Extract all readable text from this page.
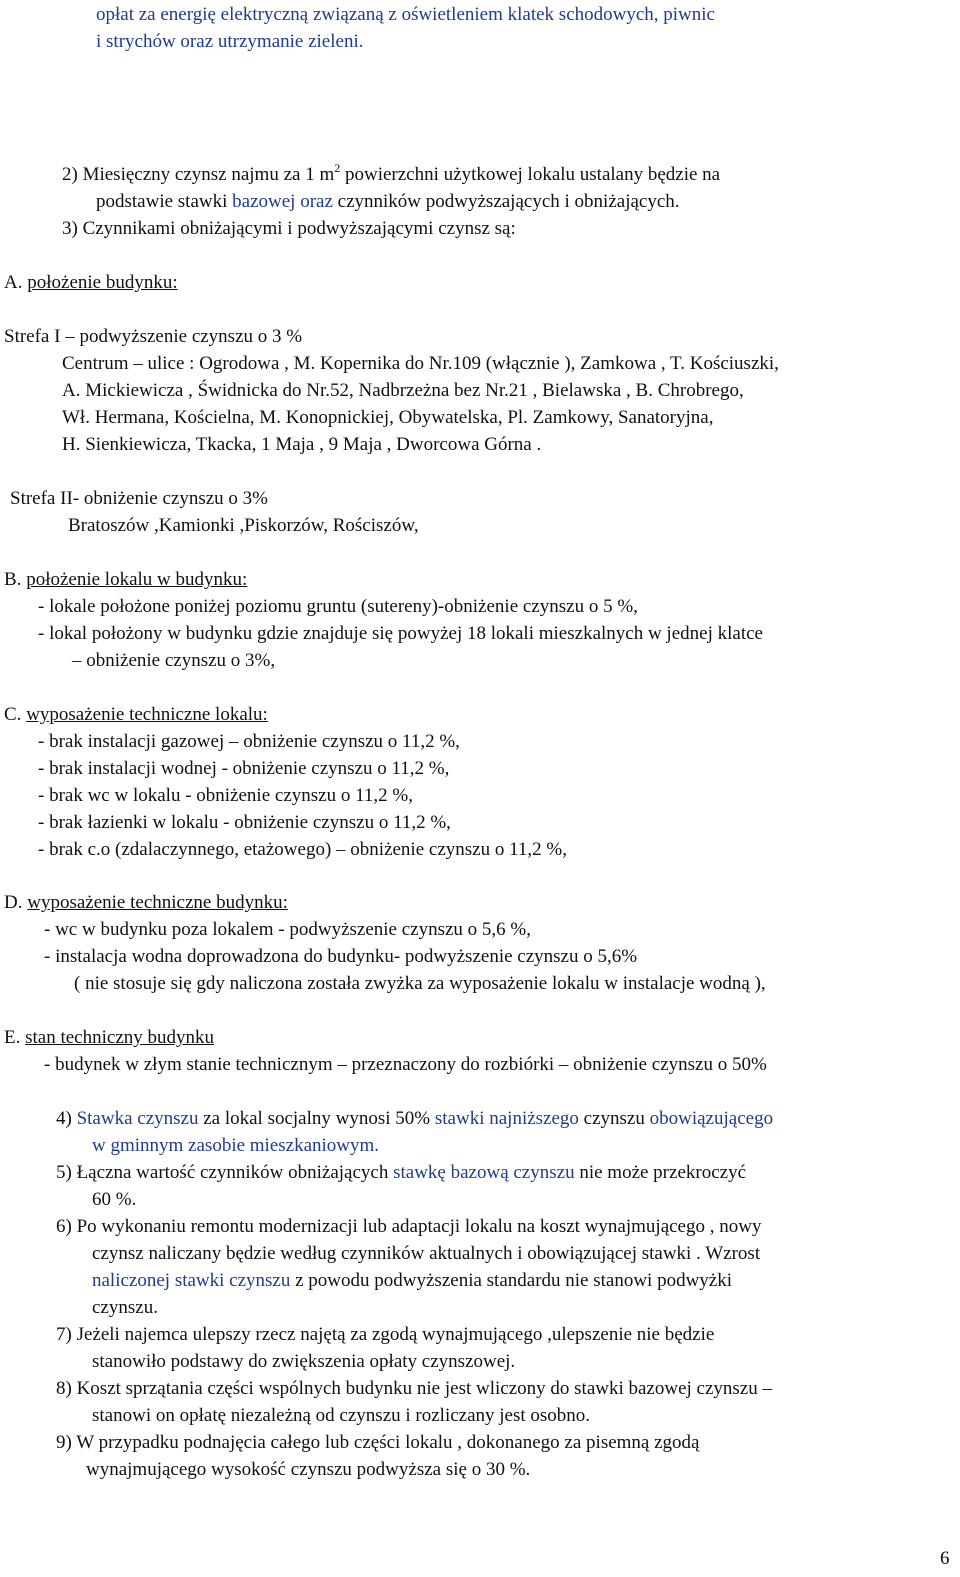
opłat za energię elektryczną związaną z oświetleniem klatek schodowych, piwnic
i strychów oraz utrzymanie zieleni.
2) Miesięczny czynsz najmu za 1 $m^2$ powierzchni użytkowej lokalu ustalany będzie na
podstawie stawki bazowej oraz czynników podwyższających i obniżających.
3) Czynnikami obniżającymi i podwyższającymi czynsz są:
A. położenie budynku:
Strefa I – podwyższenie czynszu o 3 %
Centrum – ulice : Ogrodowa , M. Kopernika do Nr.109 (włącznie ), Zamkowa , T. Kościuszki,
A. Mickiewicza , Świdnicka do Nr.52, Nadbrzeżna bez Nr.21 , Bielawska , B. Chrobrego,
Wł. Hermana, Kościelna, M. Konopnickiej, Obywatelska, Pl. Zamkowy, Sanatoryjna,
H. Sienkiewicza, Tkacka, 1 Maja , 9 Maja , Dworcowa Górna .
Strefa II- obniżenie czynszu o 3%
Bratoszów ,Kamionki ,Piskorzów, Rościszów,
B. położenie lokalu w budynku:
- lokale położone poniżej poziomu gruntu (sutereny)-obniżenie czynszu o 5 %,
- lokal położony w budynku gdzie znajduje się powyżej 18 lokali mieszkalnych w jednej klatce
– obniżenie czynszu o 3%,
C. wyposażenie techniczne lokalu:
- brak instalacji gazowej – obniżenie czynszu o 11,2 %,
- brak instalacji wodnej - obniżenie czynszu o 11,2 %,
- brak wc w lokalu - obniżenie czynszu o 11,2 %,
- brak łazienki w lokalu - obniżenie czynszu o 11,2 %,
- brak c.o (zdalaczynnego, etażowego) – obniżenie czynszu o 11,2 %,
D. wyposażenie techniczne budynku:
- wc w budynku poza lokalem - podwyższenie czynszu o 5,6 %,
- instalacja wodna doprowadzona do budynku- podwyższenie czynszu o 5,6%
( nie stosuje się gdy naliczona została zwyżka za wyposażenie lokalu w instalacje wodną ),
E. stan techniczny budynku
- budynek w złym stanie technicznym – przeznaczony do rozbiórki – obniżenie czynszu o 50%
4) Stawka czynszu za lokal socjalny wynosi 50% stawki najniższego czynszu obowiązującego
w gminnym zasobie mieszkaniowym.
5) Łączna wartość czynników obniżających stawkę bazową czynszu nie może przekroczyć
60 %.
6) Po wykonaniu remontu modernizacji lub adaptacji lokalu na koszt wynajmującego , nowy
czynsz naliczany będzie według czynników aktualnych i obowiązującej stawki . Wzrost
naliczonej stawki czynszu z powodu podwyższenia standardu nie stanowi podwyżki
czynszu.
7) Jeżeli najemca ulepszy rzecz najętą za zgodą wynajmującego ,ulepszenie nie będzie
stanowiło podstawy do zwiększenia opłaty czynszowej.
8) Koszt sprzątania części wspólnych budynku nie jest wliczony do stawki bazowej czynszu –
stanowi on opłatę niezależną od czynszu i rozliczany jest osobno.
9) W przypadku podnajęcia całego lub części lokalu , dokonanego za pisemną zgodą
wynajmującego wysokość czynszu podwyższa się o 30 %.
6
